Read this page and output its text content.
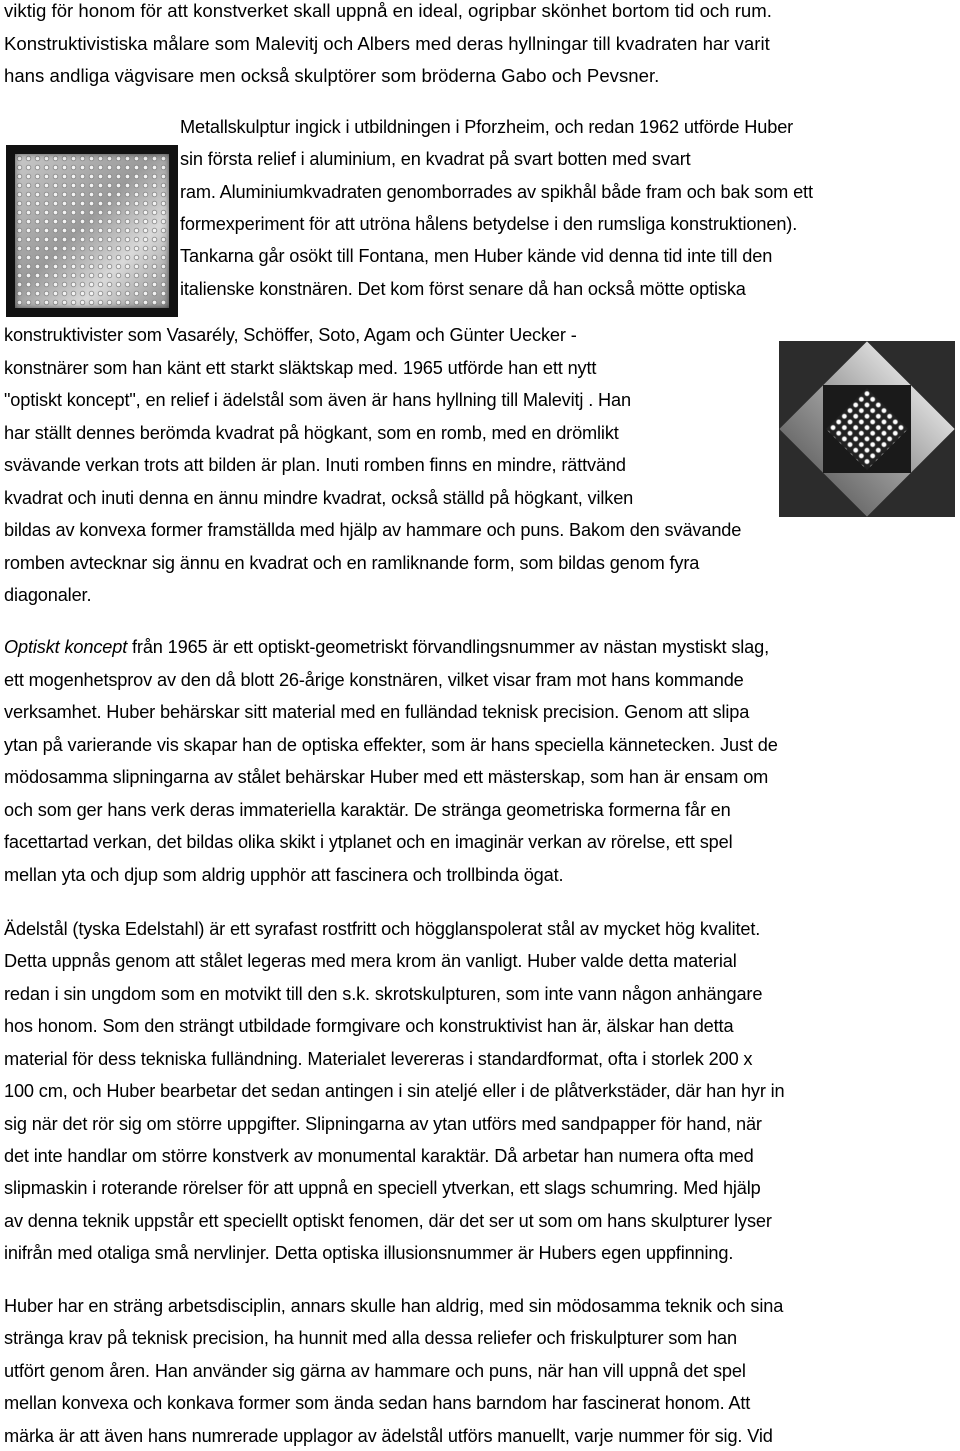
viktig för honom för att konstverket skall uppnå en ideal, ogripbar skönhet bortom tid och rum.
Konstruktivistiska målare som Malevitj och Albers med deras hyllningar till kvadraten har varit
hans andliga vägvisare men också skulptörer som bröderna Gabo och Pevsner.
Metallskulptur ingick i utbildningen i Pforzheim, och redan 1962 utförde Huber
sin första relief i aluminium, en kvadrat på svart botten med svart
ram. Aluminiumkvadraten genomborrades av spikhål både fram och bak som ett
formexperiment för att utröna hålens betydelse i den rumsliga konstruktionen).
Tankarna går osökt till Fontana, men Huber kände vid denna tid inte till den
italienske konstnären. Det kom först senare då han också mötte optiska
konstruktivister som Vasarély, Schöffer, Soto, Agam och Günter Uecker -
konstnärer som han känt ett starkt släktskap med. 1965 utförde han ett nytt
"optiskt koncept", en relief i ädelstål som även är hans hyllning till Malevitj . Han
har ställt dennes berömda kvadrat på högkant, som en romb, med en drömlikt
svävande verkan trots att bilden är plan. Inuti romben finns en mindre, rättvänd
kvadrat och inuti denna en ännu mindre kvadrat, också ställd på högkant, vilken
bildas av konvexa former framställda med hjälp av hammare och puns. Bakom den svävande
romben avtecknar sig ännu en kvadrat och en ramliknande form, som bildas genom fyra
diagonaler.
Optiskt koncept från 1965 är ett optiskt-geometriskt förvandlingsnummer av nästan mystiskt slag,
ett mogenhetsprov av den då blott 26-årige konstnären, vilket visar fram mot hans kommande
verksamhet. Huber behärskar sitt material med en fulländad teknisk precision. Genom att slipa
ytan på varierande vis skapar han de optiska effekter, som är hans speciella kännetecken. Just de
mödosamma slipningarna av stålet behärskar Huber med ett mästerskap, som han är ensam om
och som ger hans verk deras immateriella karaktär. De stränga geometriska formerna får en
facettartad verkan, det bildas olika skikt i ytplanet och en imaginär verkan av rörelse, ett spel
mellan yta och djup som aldrig upphör att fascinera och trollbinda ögat.
Ädelstål (tyska Edelstahl) är ett syrafast rostfritt och högglanspolerat stål av mycket hög kvalitet.
Detta uppnås genom att stålet legeras med mera krom än vanligt. Huber valde detta material
redan i sin ungdom som en motvikt till den s.k. skrotskulpturen, som inte vann någon anhängare
hos honom. Som den strängt utbildade formgivare och konstruktivist han är, älskar han detta
material för dess tekniska fulländning. Materialet levereras i standardformat, ofta i storlek 200 x
100 cm, och Huber bearbetar det sedan antingen i sin ateljé eller i de plåtverkstäder, där han hyr in
sig när det rör sig om större uppgifter. Slipningarna av ytan utförs med sandpapper för hand, när
det inte handlar om större konstverk av monumental karaktär. Då arbetar han numera ofta med
slipmaskin i roterande rörelser för att uppnå en speciell ytverkan, ett slags schumring. Med hjälp
av denna teknik uppstår ett speciellt optiskt fenomen, där det ser ut som om hans skulpturer lyser
inifrån med otaliga små nervlinjer. Detta optiska illusionsnummer är Hubers egen uppfinning.
Huber har en sträng arbetsdisciplin, annars skulle han aldrig, med sin mödosamma teknik och sina
stränga krav på teknisk precision, ha hunnit med alla dessa reliefer och friskulpturer som han
utfört genom åren. Han använder sig gärna av hammare och puns, när han vill uppnå det spel
mellan konvexa och konkava former som ända sedan hans barndom har fascinerat honom. Att
märka är att även hans numrerade upplagor av ädelstål utförs manuellt, varje nummer för sig. Vid
